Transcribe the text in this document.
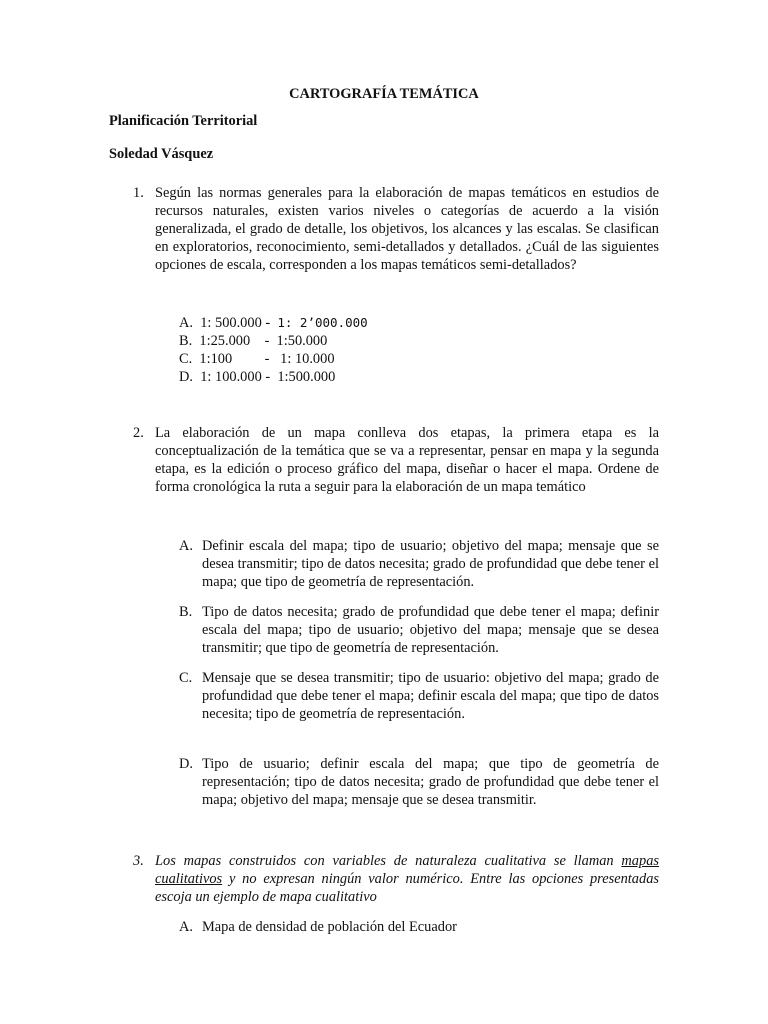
CARTOGRAFÍA TEMÁTICA

Planificación Territorial

Soledad Vásquez

1. Según las normas generales para la elaboración de mapas temáticos en estudios de recursos naturales, existen varios niveles o categorías de acuerdo a la visión generalizada, el grado de detalle, los objetivos, los alcances y las escalas. Se clasifican en exploratorios, reconocimiento, semi-detallados y detallados. ¿Cuál de las siguientes opciones de escala, corresponden a los mapas temáticos semi-detallados?
A. 1: 500.000 -  1: 2’000.000
B. 1:25.000    -  1:50.000
C. 1:100         -   1: 10.000
D. 1: 100.000 -  1:500.000
2. La elaboración de un mapa conlleva dos etapas, la primera etapa es la conceptualización de la temática que se va a representar, pensar en mapa y la segunda etapa, es la edición o proceso gráfico del mapa, diseñar o hacer el mapa. Ordene de forma cronológica la ruta a seguir para la elaboración de un mapa temático
A. Definir escala del mapa; tipo de usuario; objetivo del mapa; mensaje que se desea transmitir; tipo de datos necesita; grado de profundidad que debe tener el mapa; que tipo de geometría de representación.
B. Tipo de datos necesita; grado de profundidad que debe tener el mapa; definir escala del mapa; tipo de usuario; objetivo del mapa; mensaje que se desea transmitir; que tipo de geometría de representación.
C. Mensaje que se desea transmitir; tipo de usuario: objetivo del mapa; grado de profundidad que debe tener el mapa; definir escala del mapa; que tipo de datos necesita; tipo de geometría de representación.
D. Tipo de usuario; definir escala del mapa; que tipo de geometría de representación; tipo de datos necesita; grado de profundidad que debe tener el mapa; objetivo del mapa; mensaje que se desea transmitir.
3. Los mapas construidos con variables de naturaleza cualitativa se llaman mapas cualitativos y no expresan ningún valor numérico. Entre las opciones presentadas escoja un ejemplo de mapa cualitativo
A. Mapa de densidad de población del Ecuador
